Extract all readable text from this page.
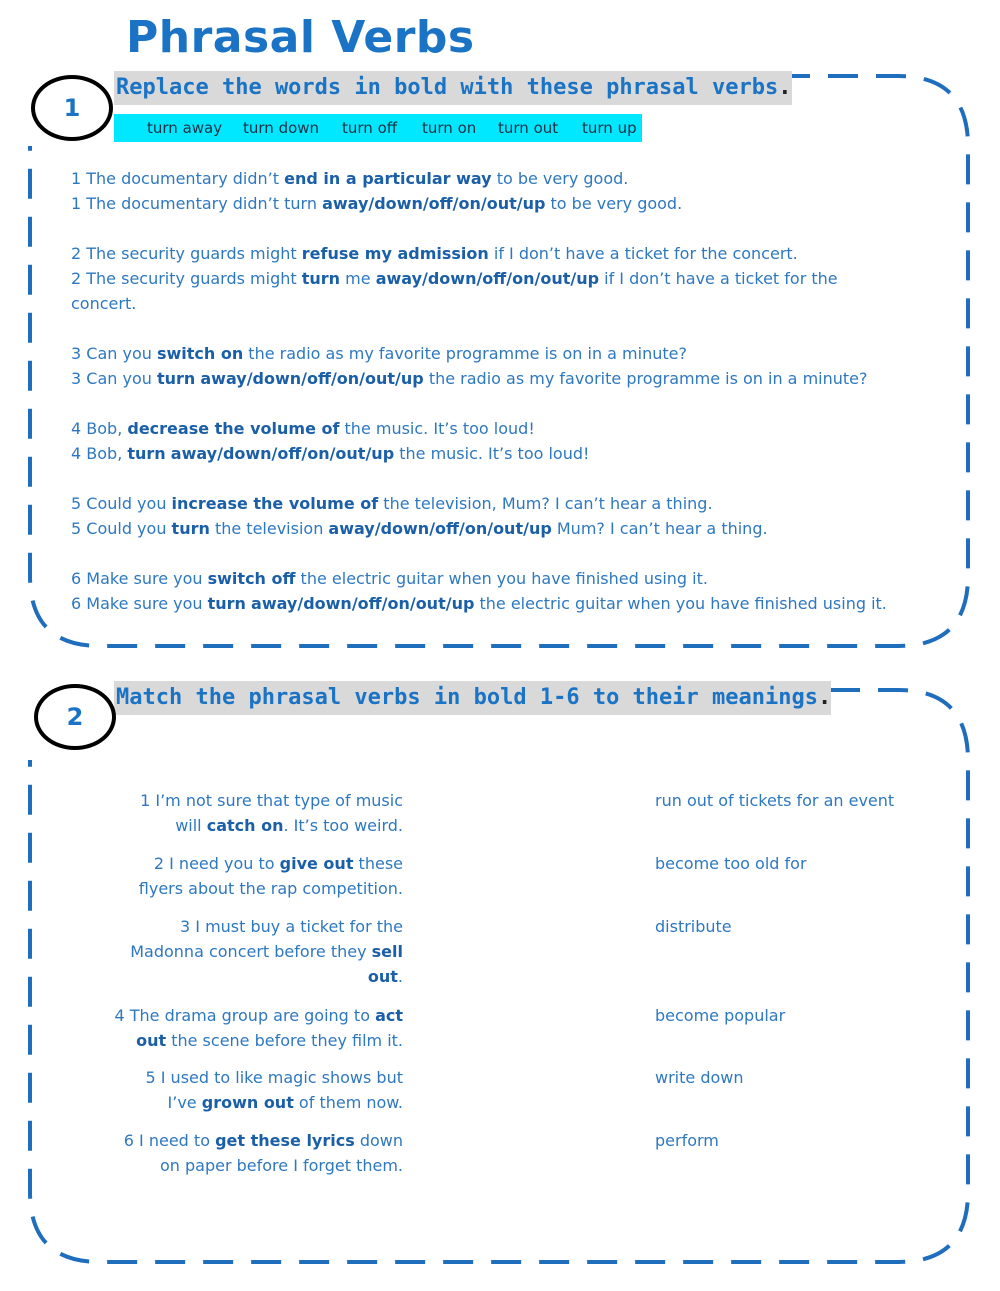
Phrasal Verbs
Replace the words in bold with these phrasal verbs.
1
turn away turn down turn off turn on turn out turn up
1 The documentary didn’t end in a particular way to be very good.
1 The documentary didn’t turn away/down/off/on/out/up to be very good.
2 The security guards might refuse my admission if I don’t have a ticket for the concert.
2 The security guards might turn me away/down/off/on/out/up if I don’t have a ticket for the
concert.
3 Can you switch on the radio as my favorite programme is on in a minute?
3 Can you turn away/down/off/on/out/up the radio as my favorite programme is on in a minute?
4 Bob, decrease the volume of the music. It’s too loud!
4 Bob, turn away/down/off/on/out/up the music. It’s too loud!
5 Could you increase the volume of the television, Mum? I can’t hear a thing.
5 Could you turn the television away/down/off/on/out/up Mum? I can’t hear a thing.
6 Make sure you switch off the electric guitar when you have finished using it.
6 Make sure you turn away/down/off/on/out/up the electric guitar when you have finished using it.
Match the phrasal verbs in bold 1-6 to their meanings.
2
1 I’m not sure that type of music
will catch on. It’s too weird.
2 I need you to give out these
flyers about the rap competition.
3 I must buy a ticket for the
Madonna concert before they sell
out.
4 The drama group are going to act
out the scene before they film it.
5 I used to like magic shows but
I’ve grown out of them now.
6 I need to get these lyrics down
on paper before I forget them.
run out of tickets for an event
become too old for
distribute
become popular
write down
perform
